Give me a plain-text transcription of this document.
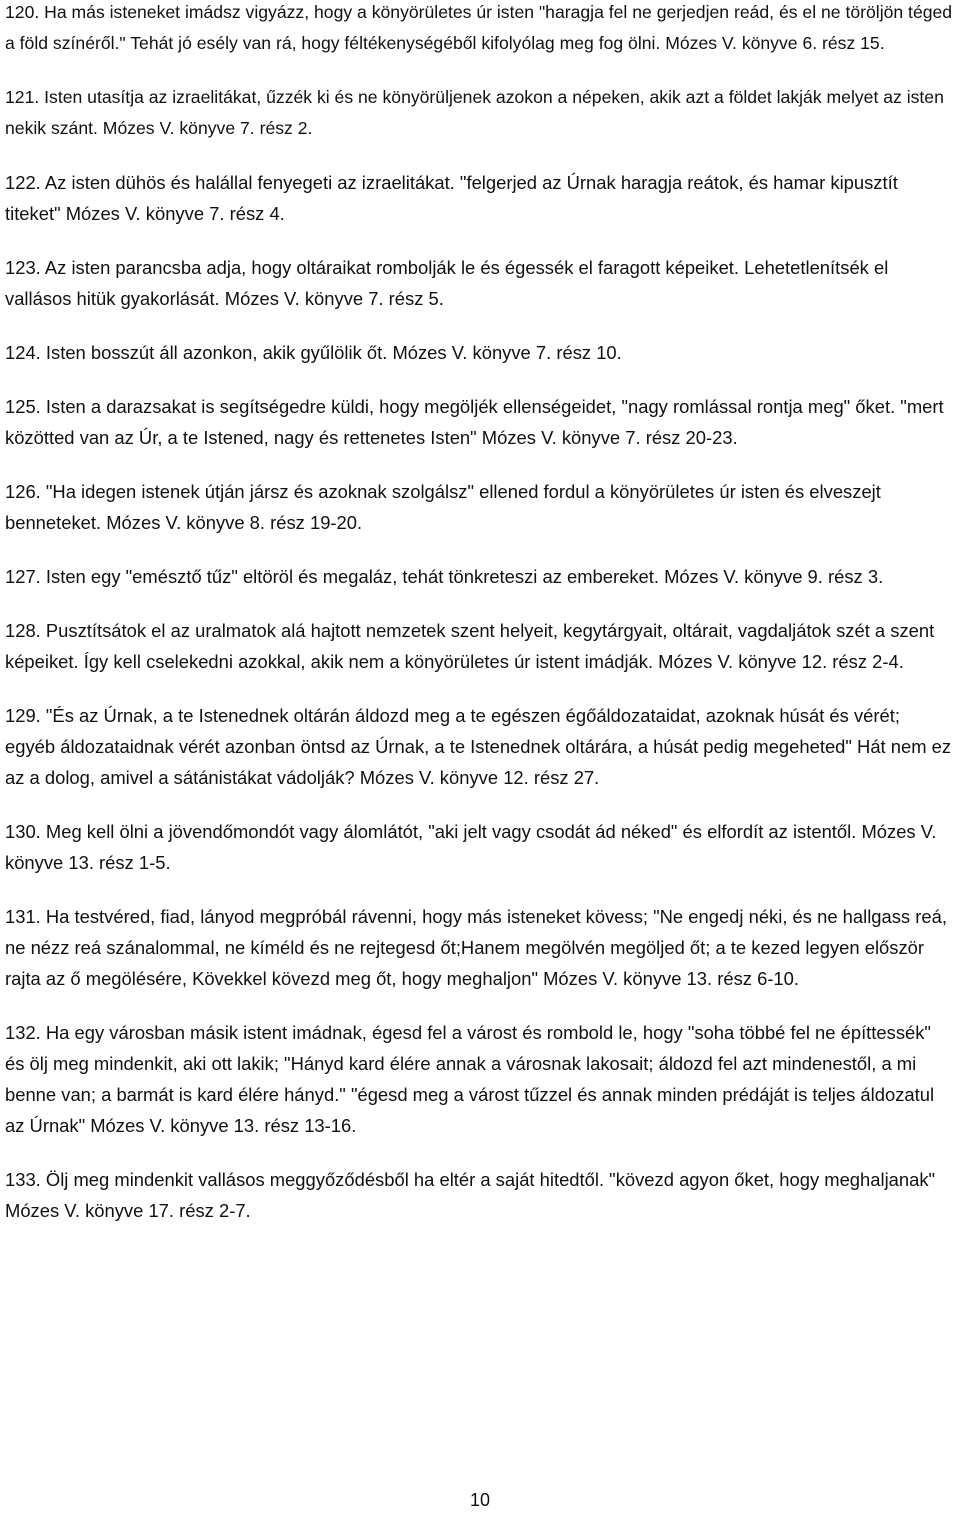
120. Ha más isteneket imádsz vigyázz, hogy a könyörületes úr isten "haragja fel ne gerjedjen reád, és el ne töröljön téged a föld színéről." Tehát jó esély van rá, hogy féltékenységéből kifolyólag meg fog ölni. Mózes V. könyve 6. rész 15.

121. Isten utasítja az izraelitákat, űzzék ki és ne könyörüljenek azokon a népeken, akik azt a földet lakják melyet az isten nekik szánt. Mózes V. könyve 7. rész 2.

122. Az isten dühös és halállal fenyegeti az izraelitákat. "felgerjed az Úrnak haragja reátok, és hamar kipusztít titeket" Mózes V. könyve 7. rész 4.

123. Az isten parancsba adja, hogy oltáraikat rombolják le és égessék el faragott képeiket. Lehetetlenítsék el vallásos hitük gyakorlását. Mózes V. könyve 7. rész 5.

124. Isten bosszút áll azonkon, akik gyűlölik őt. Mózes V. könyve 7. rész 10.

125. Isten a darazsakat is segítségedre küldi, hogy megöljék ellenségeidet, "nagy romlással rontja meg" őket. "mert közötted van az Úr, a te Istened, nagy és rettenetes Isten" Mózes V. könyve 7. rész 20-23.

126. "Ha idegen istenek útján jársz és azoknak szolgálsz" ellened fordul a könyörületes úr isten és elveszejt benneteket. Mózes V. könyve 8. rész 19-20.

127. Isten egy "emésztő tűz" eltöröl és megaláz, tehát tönkreteszi az embereket. Mózes V. könyve 9. rész 3.

128. Pusztítsátok el az uralmatok alá hajtott nemzetek szent helyeit, kegytárgyait, oltárait, vagdaljátok szét a szent képeiket. Így kell cselekedni azokkal, akik nem a könyörületes úr istent imádják. Mózes V. könyve 12. rész 2-4.

129. "És az Úrnak, a te Istenednek oltárán áldozd meg a te egészen égőáldozataidat, azoknak húsát és vérét; egyéb áldozataidnak vérét azonban öntsd az Úrnak, a te Istenednek oltárára, a húsát pedig megeheted" Hát nem ez az a dolog, amivel a sátánistákat vádolják? Mózes V. könyve 12. rész 27.

130. Meg kell ölni a jövendőmondót vagy álomlátót, "aki jelt vagy csodát ád néked" és elfordít az istentől. Mózes V. könyve 13. rész 1-5.

131. Ha testvéred, fiad, lányod megpróbál rávenni, hogy más isteneket kövess; "Ne engedj néki, és ne hallgass reá, ne nézz reá szánalommal, ne kíméld és ne rejtegesd őt;Hanem megölvén megöljed őt; a te kezed legyen először rajta az ő megölésére, Kövekkel kövezd meg őt, hogy meghaljon" Mózes V. könyve 13. rész 6-10.

132. Ha egy városban másik istent imádnak, égesd fel a várost és rombold le, hogy "soha többé fel ne építtessék" és ölj meg mindenkit, aki ott lakik; "Hányd kard élére annak a városnak lakosait; áldozd fel azt mindenestől, a mi benne van; a barmát is kard élére hányd." "égesd meg a várost tűzzel és annak minden prédáját is teljes áldozatul az Úrnak" Mózes V. könyve 13. rész 13-16.

133. Ölj meg mindenkit vallásos meggyőződésből ha eltér a saját hitedtől. "kövezd agyon őket, hogy meghaljanak" Mózes V. könyve 17. rész 2-7.

10
